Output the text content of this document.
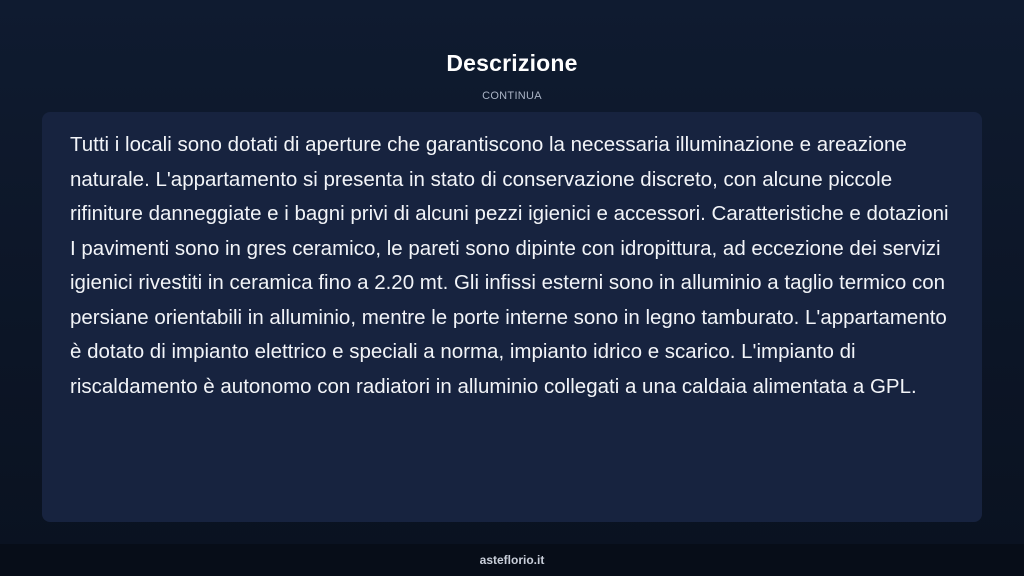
Descrizione
CONTINUA

Tutti i locali sono dotati di aperture che garantiscono la necessaria illuminazione e areazione naturale. L'appartamento si presenta in stato di conservazione discreto, con alcune piccole rifiniture danneggiate e i bagni privi di alcuni pezzi igienici e accessori. Caratteristiche e dotazioni I pavimenti sono in gres ceramico, le pareti sono dipinte con idropittura, ad eccezione dei servizi igienici rivestiti in ceramica fino a 2.20 mt. Gli infissi esterni sono in alluminio a taglio termico con persiane orientabili in alluminio, mentre le porte interne sono in legno tamburato. L'appartamento è dotato di impianto elettrico e speciali a norma, impianto idrico e scarico. L'impianto di riscaldamento è autonomo con radiatori in alluminio collegati a una caldaia alimentata a GPL.

asteflorio.it
